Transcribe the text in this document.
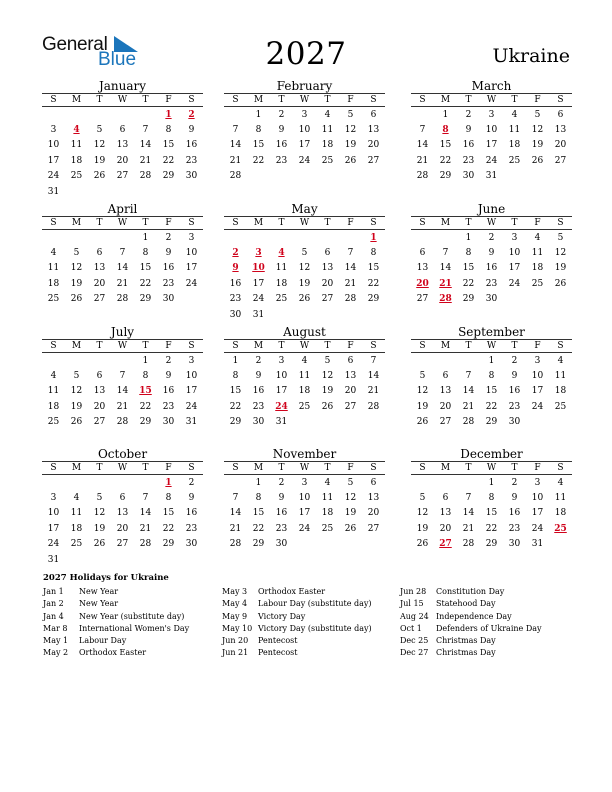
General
Blue	2027	Ukraine
January
S	M	T	W	T	F	S
					1	2
3	4	5	6	7	8	9
10	11	12	13	14	15	16
17	18	19	20	21	22	23
24	25	26	27	28	29	30
31						
February
S	M	T	W	T	F	S
	1	2	3	4	5	6
7	8	9	10	11	12	13
14	15	16	17	18	19	20
21	22	23	24	25	26	27
28						
March
S	M	T	W	T	F	S
	1	2	3	4	5	6
7	8	9	10	11	12	13
14	15	16	17	18	19	20
21	22	23	24	25	26	27
28	29	30	31			
April
S	M	T	W	T	F	S
				1	2	3
4	5	6	7	8	9	10
11	12	13	14	15	16	17
18	19	20	21	22	23	24
25	26	27	28	29	30	
May
S	M	T	W	T	F	S
						1
2	3	4	5	6	7	8
9	10	11	12	13	14	15
16	17	18	19	20	21	22
23	24	25	26	27	28	29
30	31					
June
S	M	T	W	T	F	S
		1	2	3	4	5
6	7	8	9	10	11	12
13	14	15	16	17	18	19
20	21	22	23	24	25	26
27	28	29	30			
July
S	M	T	W	T	F	S
				1	2	3
4	5	6	7	8	9	10
11	12	13	14	15	16	17
18	19	20	21	22	23	24
25	26	27	28	29	30	31
August
S	M	T	W	T	F	S
1	2	3	4	5	6	7
8	9	10	11	12	13	14
15	16	17	18	19	20	21
22	23	24	25	26	27	28
29	30	31				
September
S	M	T	W	T	F	S
			1	2	3	4
5	6	7	8	9	10	11
12	13	14	15	16	17	18
19	20	21	22	23	24	25
26	27	28	29	30		
October
S	M	T	W	T	F	S
					1	2
3	4	5	6	7	8	9
10	11	12	13	14	15	16
17	18	19	20	21	22	23
24	25	26	27	28	29	30
31						
November
S	M	T	W	T	F	S
	1	2	3	4	5	6
7	8	9	10	11	12	13
14	15	16	17	18	19	20
21	22	23	24	25	26	27
28	29	30				
December
S	M	T	W	T	F	S
			1	2	3	4
5	6	7	8	9	10	11
12	13	14	15	16	17	18
19	20	21	22	23	24	25
26	27	28	29	30	31	
2027 Holidays for Ukraine
Jan 1 New Year
Jan 2 New Year
Jan 4 New Year (substitute day)
Mar 8 International Women's Day
May 1 Labour Day
May 2 Orthodox Easter
May 3 Orthodox Easter
May 4 Labour Day (substitute day)
May 9 Victory Day
May 10 Victory Day (substitute day)
Jun 20 Pentecost
Jun 21 Pentecost
Jun 28 Constitution Day
Jul 15 Statehood Day
Aug 24 Independence Day
Oct 1 Defenders of Ukraine Day
Dec 25 Christmas Day
Dec 27 Christmas Day
